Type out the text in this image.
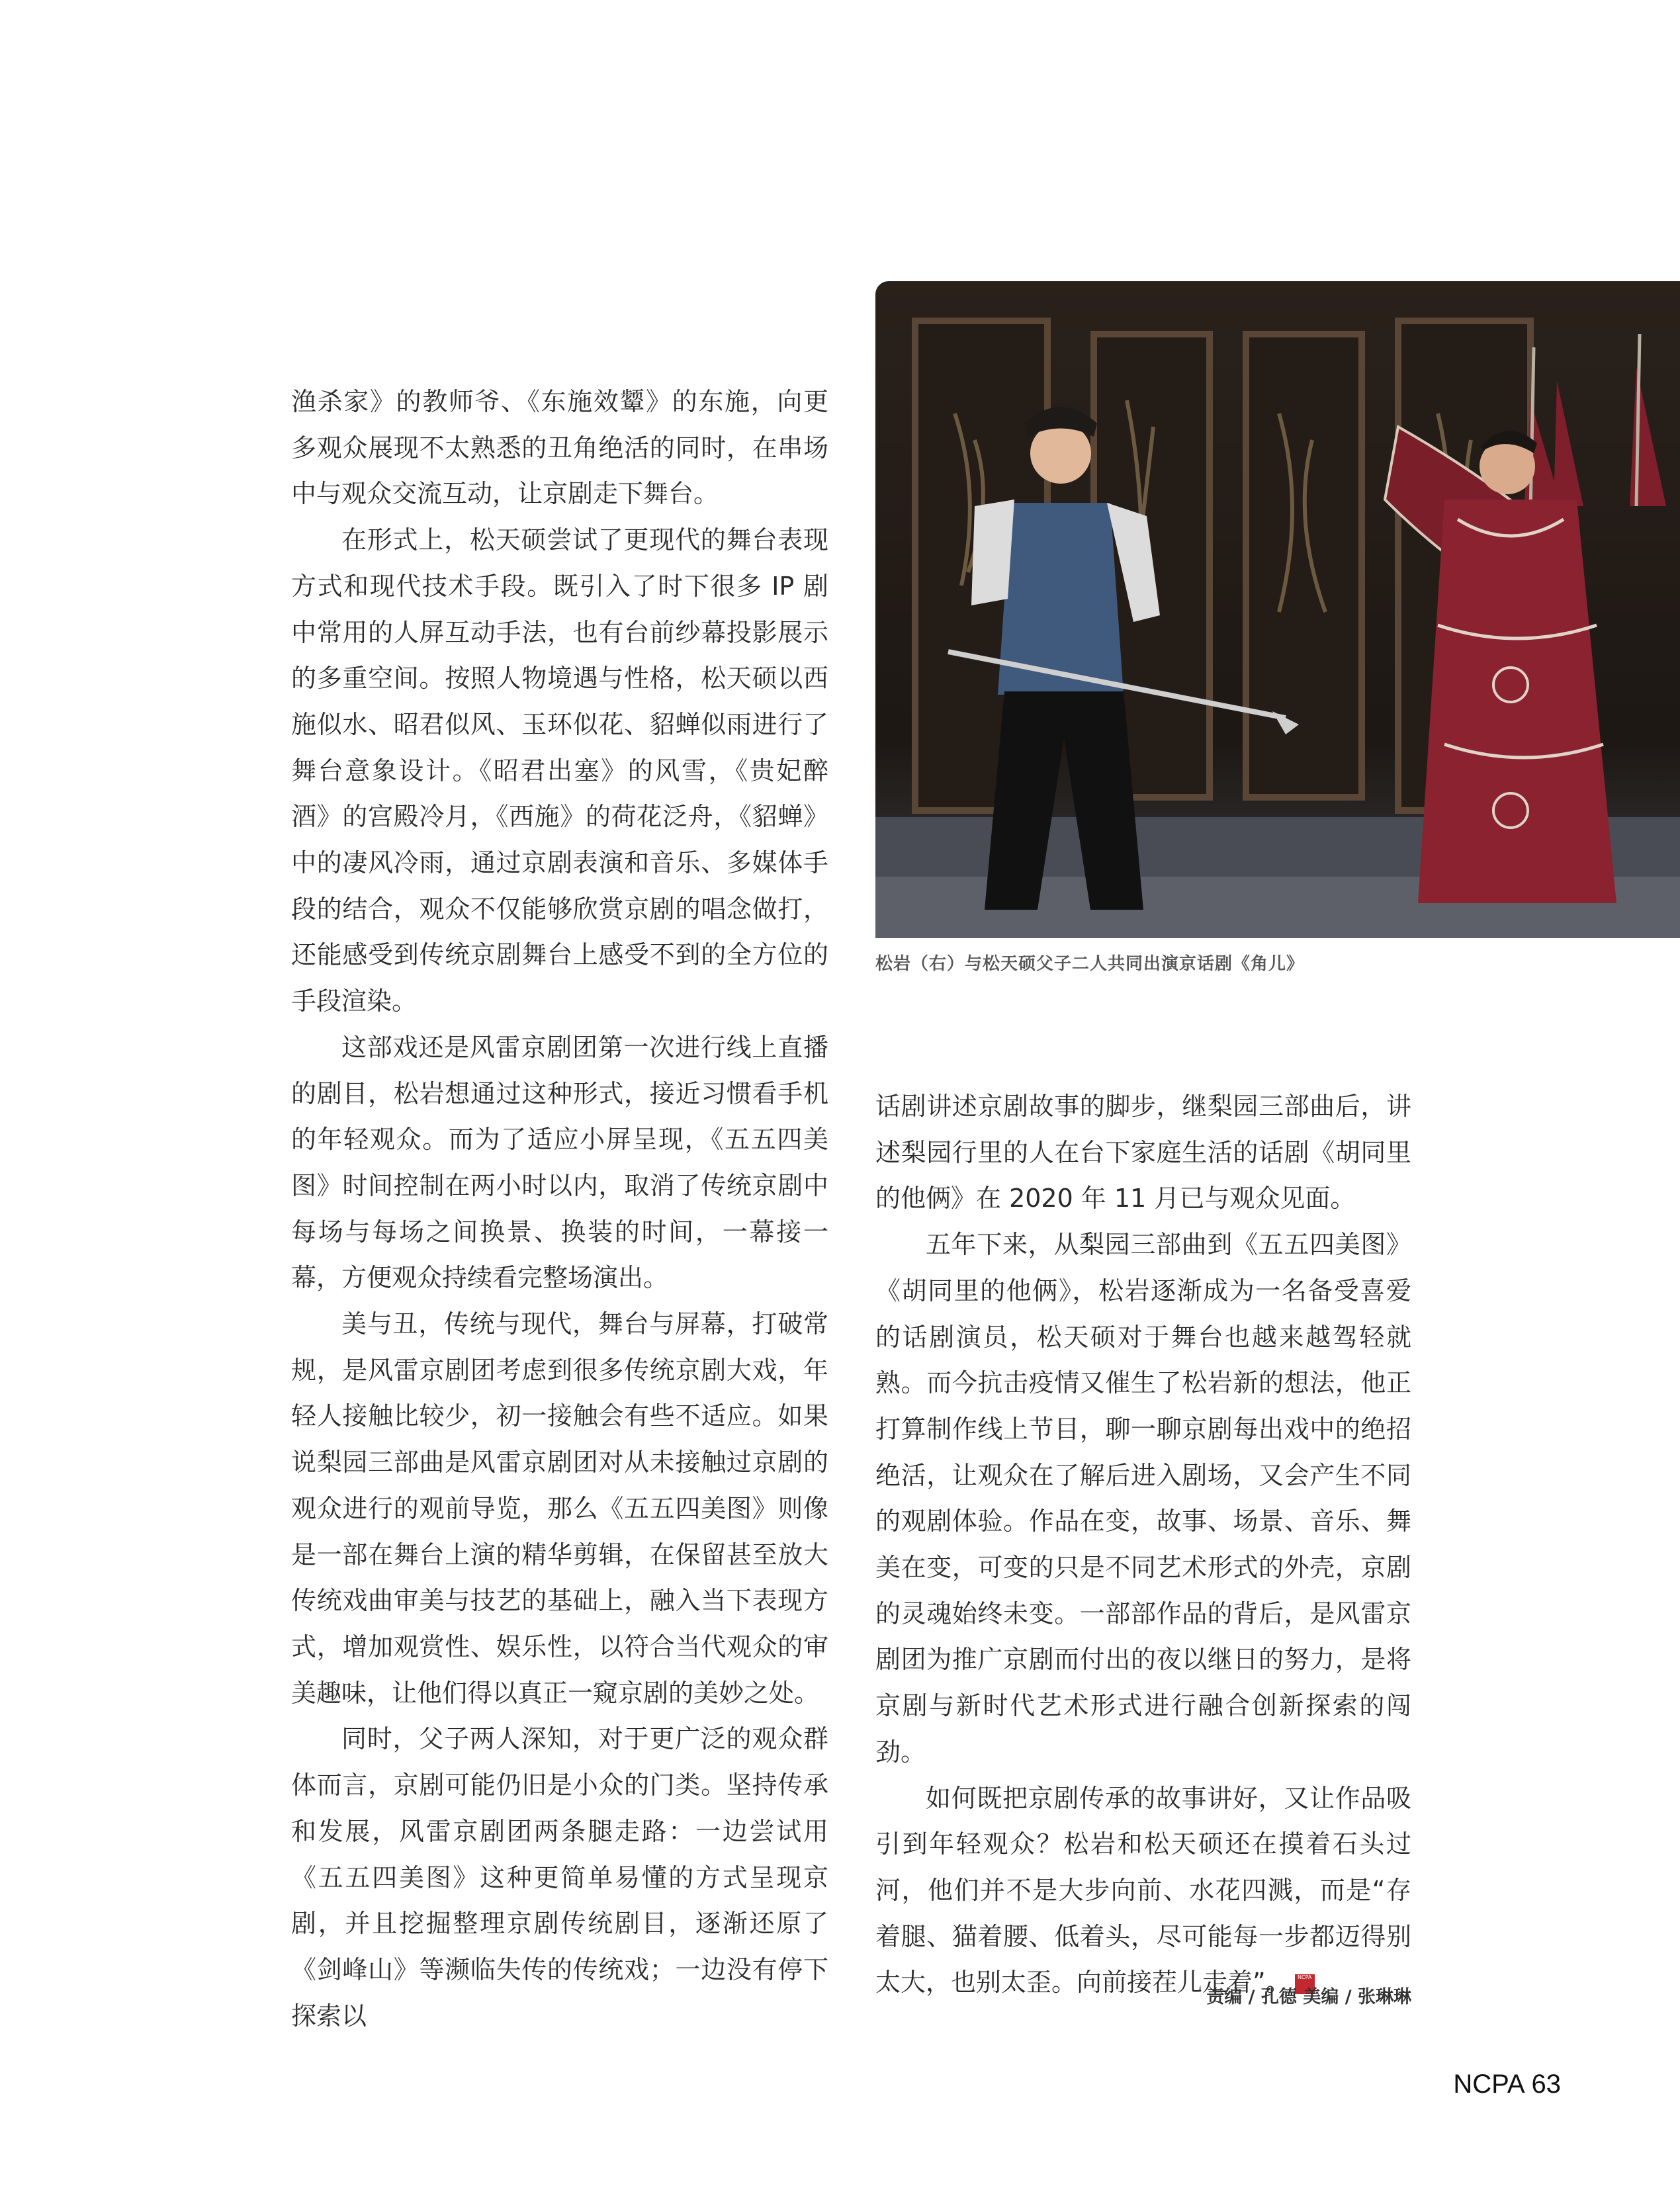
渔杀家》的教师爷、《东施效颦》的东施，向更多观众展现不太熟悉的丑角绝活的同时，在串场中与观众交流互动，让京剧走下舞台。

在形式上，松天硕尝试了更现代的舞台表现方式和现代技术手段。既引入了时下很多 IP 剧中常用的人屏互动手法，也有台前纱幕投影展示的多重空间。按照人物境遇与性格，松天硕以西施似水、昭君似风、玉环似花、貂蝉似雨进行了舞台意象设计。《昭君出塞》的风雪，《贵妃醉酒》的宫殿冷月，《西施》的荷花泛舟，《貂蝉》中的凄风冷雨，通过京剧表演和音乐、多媒体手段的结合，观众不仅能够欣赏京剧的唱念做打，还能感受到传统京剧舞台上感受不到的全方位的手段渲染。

这部戏还是风雷京剧团第一次进行线上直播的剧目，松岩想通过这种形式，接近习惯看手机的年轻观众。而为了适应小屏呈现，《五五四美图》时间控制在两小时以内，取消了传统京剧中每场与每场之间换景、换装的时间，一幕接一幕，方便观众持续看完整场演出。

美与丑，传统与现代，舞台与屏幕，打破常规，是风雷京剧团考虑到很多传统京剧大戏，年轻人接触比较少，初一接触会有些不适应。如果说梨园三部曲是风雷京剧团对从未接触过京剧的观众进行的观前导览，那么《五五四美图》则像是一部在舞台上演的精华剪辑，在保留甚至放大传统戏曲审美与技艺的基础上，融入当下表现方式，增加观赏性、娱乐性，以符合当代观众的审美趣味，让他们得以真正一窥京剧的美妙之处。

同时，父子两人深知，对于更广泛的观众群体而言，京剧可能仍旧是小众的门类。坚持传承和发展，风雷京剧团两条腿走路：一边尝试用《五五四美图》这种更简单易懂的方式呈现京剧，并且挖掘整理京剧传统剧目，逐渐还原了《剑峰山》等濒临失传的传统戏；一边没有停下探索以

松岩（右）与松天硕父子二人共同出演京话剧《角儿》

话剧讲述京剧故事的脚步，继梨园三部曲后，讲述梨园行里的人在台下家庭生活的话剧《胡同里的他俩》在 2020 年 11 月已与观众见面。

五年下来，从梨园三部曲到《五五四美图》《胡同里的他俩》，松岩逐渐成为一名备受喜爱的话剧演员，松天硕对于舞台也越来越驾轻就熟。而今抗击疫情又催生了松岩新的想法，他正打算制作线上节目，聊一聊京剧每出戏中的绝招绝活，让观众在了解后进入剧场，又会产生不同的观剧体验。作品在变，故事、场景、音乐、舞美在变，可变的只是不同艺术形式的外壳，京剧的灵魂始终未变。一部部作品的背后，是风雷京剧团为推广京剧而付出的夜以继日的努力，是将京剧与新时代艺术形式进行融合创新探索的闯劲。

如何既把京剧传承的故事讲好，又让作品吸引到年轻观众？松岩和松天硕还在摸着石头过河，他们并不是大步向前、水花四溅，而是“存着腿、猫着腰、低着头，尽可能每一步都迈得别太大，也别太歪。向前接茬儿走着”。 NCPA

责编 / 孔德 美编 / 张琳琳
NCPA 63
